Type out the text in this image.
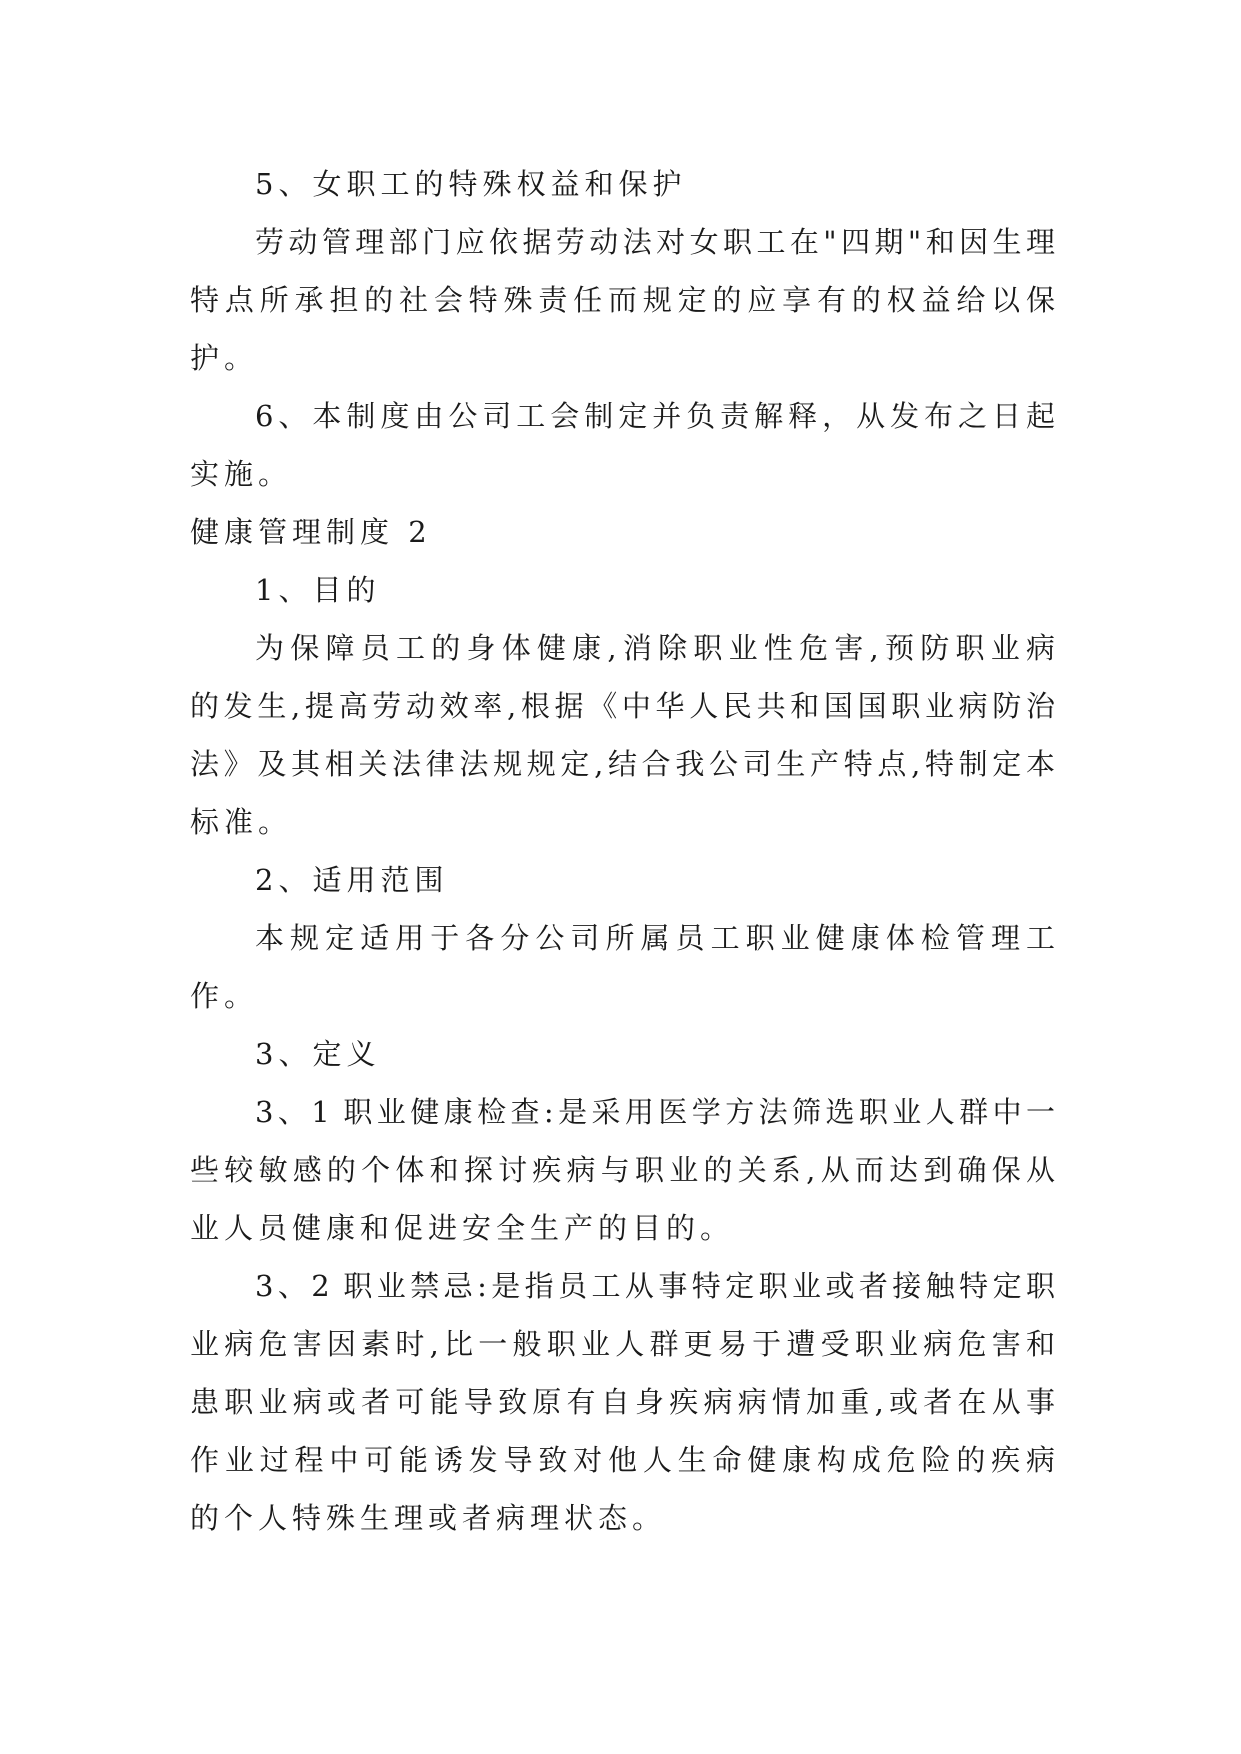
5、女职工的特殊权益和保护
劳动管理部门应依据劳动法对女职工在"四期"和因生理
特点所承担的社会特殊责任而规定的应享有的权益给以保
护。
6、本制度由公司工会制定并负责解释，从发布之日起
实施。
健康管理制度 2
1、目的
为保障员工的身体健康,消除职业性危害,预防职业病
的发生,提高劳动效率,根据《中华人民共和国国职业病防治
法》及其相关法律法规规定,结合我公司生产特点,特制定本
标准。
2、适用范围
本规定适用于各分公司所属员工职业健康体检管理工
作。
3、定义
3、1 职业健康检查:是采用医学方法筛选职业人群中一
些较敏感的个体和探讨疾病与职业的关系,从而达到确保从
业人员健康和促进安全生产的目的。
3、2 职业禁忌:是指员工从事特定职业或者接触特定职
业病危害因素时,比一般职业人群更易于遭受职业病危害和
患职业病或者可能导致原有自身疾病病情加重,或者在从事
作业过程中可能诱发导致对他人生命健康构成危险的疾病
的个人特殊生理或者病理状态。
